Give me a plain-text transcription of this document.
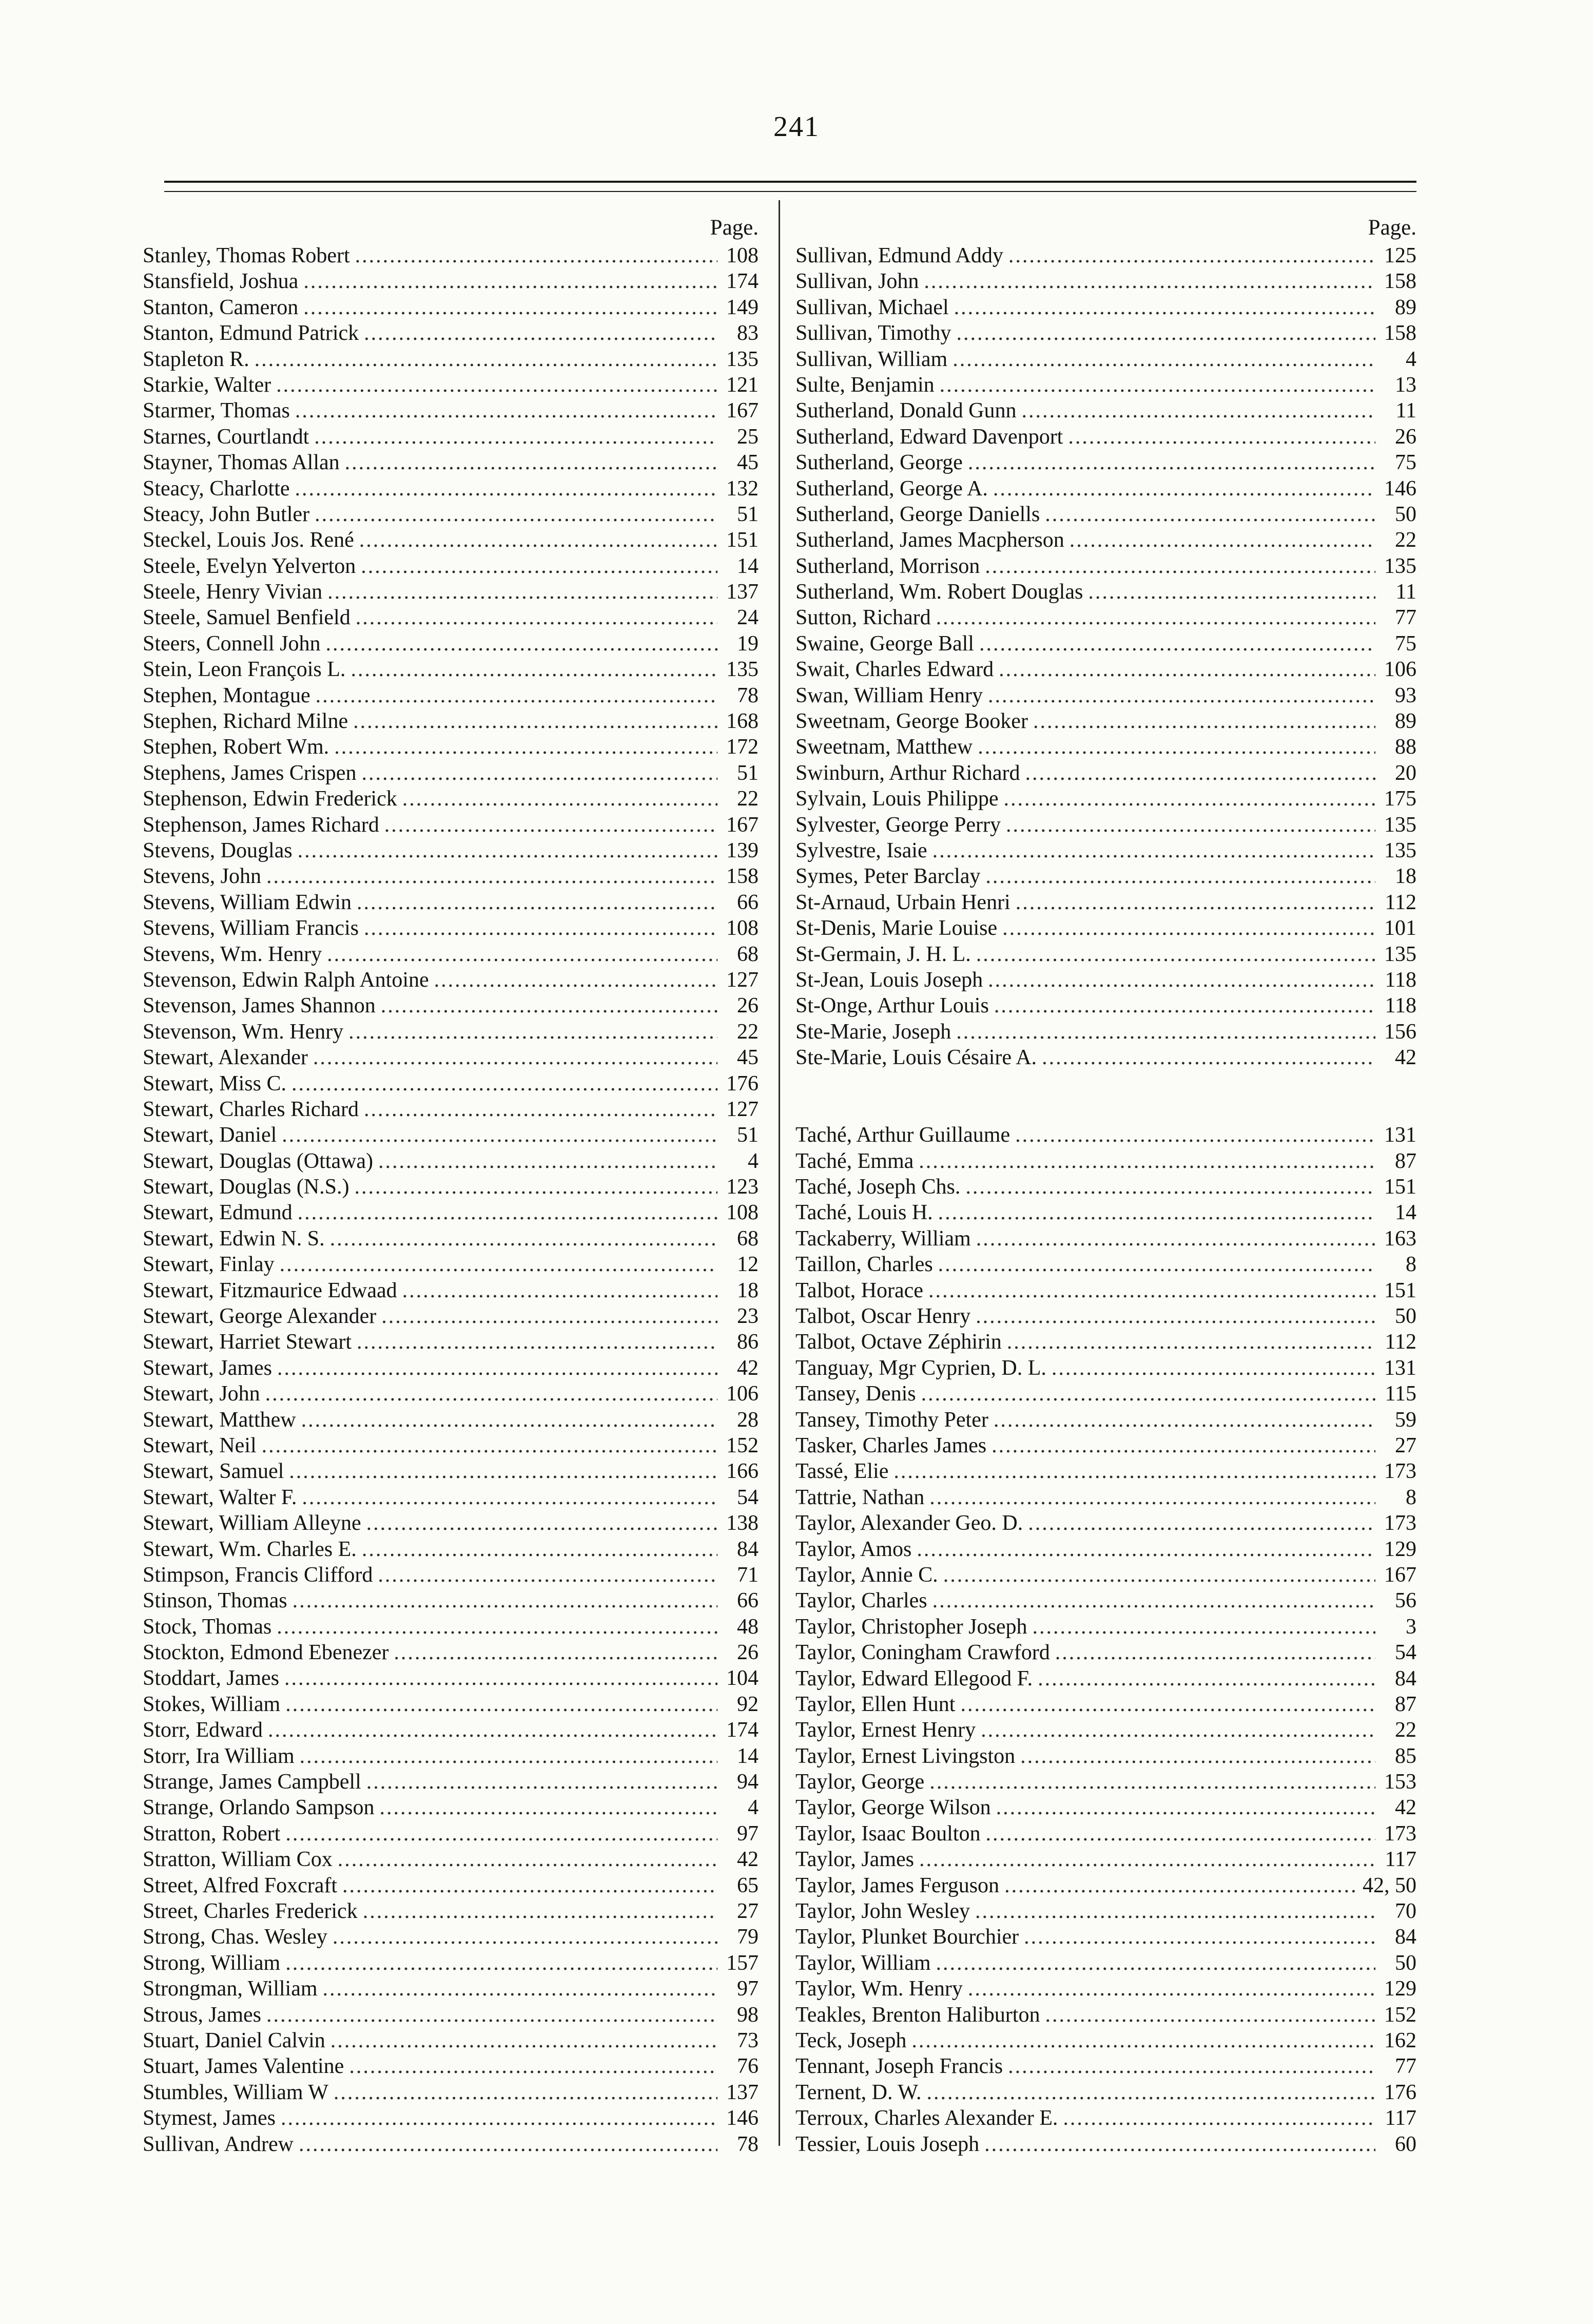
241
Page.
Stanley, Thomas Robert .....	108
Stansfield, Joshua .....	174
Stanton, Cameron .....	149
Stanton, Edmund Patrick .....	83
Stapleton R. .....	135
Starkie, Walter .....	121
Starmer, Thomas .....	167
Starnes, Courtlandt .....	25
Stayner, Thomas Allan .....	45
Steacy, Charlotte .....	132
Steacy, John Butler .....	51
Steckel, Louis Jos. René .....	151
Steele, Evelyn Yelverton .....	14
Steele, Henry Vivian .....	137
Steele, Samuel Benfield .....	24
Steers, Connell John .....	19
Stein, Leon François L. .....	135
Stephen, Montague .....	78
Stephen, Richard Milne .....	168
Stephen, Robert Wm. .....	172
Stephens, James Crispen .....	51
Stephenson, Edwin Frederick .....	22
Stephenson, James Richard .....	167
Stevens, Douglas .....	139
Stevens, John .....	158
Stevens, William Edwin .....	66
Stevens, William Francis .....	108
Stevens, Wm. Henry .....	68
Stevenson, Edwin Ralph Antoine .....	127
Stevenson, James Shannon .....	26
Stevenson, Wm. Henry .....	22
Stewart, Alexander .....	45
Stewart, Miss C. .....	176
Stewart, Charles Richard .....	127
Stewart, Daniel .....	51
Stewart, Douglas (Ottawa) .....	4
Stewart, Douglas (N.S.) .....	123
Stewart, Edmund .....	108
Stewart, Edwin N. S. .....	68
Stewart, Finlay .....	12
Stewart, Fitzmaurice Edwaad .....	18
Stewart, George Alexander .....	23
Stewart, Harriet Stewart .....	86
Stewart, James .....	42
Stewart, John .....	106
Stewart, Matthew .....	28
Stewart, Neil .....	152
Stewart, Samuel .....	166
Stewart, Walter F. .....	54
Stewart, William Alleyne .....	138
Stewart, Wm. Charles E. .....	84
Stimpson, Francis Clifford .....	71
Stinson, Thomas .....	66
Stock, Thomas .....	48
Stockton, Edmond Ebenezer .....	26
Stoddart, James .....	104
Stokes, William .....	92
Storr, Edward .....	174
Storr, Ira William .....	14
Strange, James Campbell .....	94
Strange, Orlando Sampson .....	4
Stratton, Robert .....	97
Stratton, William Cox .....	42
Street, Alfred Foxcraft .....	65
Street, Charles Frederick .....	27
Strong, Chas. Wesley .....	79
Strong, William .....	157
Strongman, William .....	97
Strous, James .....	98
Stuart, Daniel Calvin .....	73
Stuart, James Valentine .....	76
Stumbles, William W .....	137
Stymest, James .....	146
Sullivan, Andrew .....	78
Page.
Sullivan, Edmund Addy .....	125
Sullivan, John .....	158
Sullivan, Michael .....	89
Sullivan, Timothy .....	158
Sullivan, William .....	4
Sulte, Benjamin .....	13
Sutherland, Donald Gunn .....	11
Sutherland, Edward Davenport .....	26
Sutherland, George .....	75
Sutherland, George A. .....	146
Sutherland, George Daniells .....	50
Sutherland, James Macpherson .....	22
Sutherland, Morrison .....	135
Sutherland, Wm. Robert Douglas .....	11
Sutton, Richard .....	77
Swaine, George Ball .....	75
Swait, Charles Edward .....	106
Swan, William Henry .....	93
Sweetnam, George Booker .....	89
Sweetnam, Matthew .....	88
Swinburn, Arthur Richard .....	20
Sylvain, Louis Philippe .....	175
Sylvester, George Perry .....	135
Sylvestre, Isaie .....	135
Symes, Peter Barclay .....	18
St-Arnaud, Urbain Henri .....	112
St-Denis, Marie Louise .....	101
St-Germain, J. H. L. .....	135
St-Jean, Louis Joseph .....	118
St-Onge, Arthur Louis .....	118
Ste-Marie, Joseph .....	156
Ste-Marie, Louis Césaire A. .....	42
Taché, Arthur Guillaume .....	131
Taché, Emma .....	87
Taché, Joseph Chs. .....	151
Taché, Louis H. .....	14
Tackaberry, William .....	163
Taillon, Charles .....	8
Talbot, Horace .....	151
Talbot, Oscar Henry .....	50
Talbot, Octave Zéphirin .....	112
Tanguay, Mgr Cyprien, D. L. .....	131
Tansey, Denis .....	115
Tansey, Timothy Peter .....	59
Tasker, Charles James .....	27
Tassé, Elie .....	173
Tattrie, Nathan .....	8
Taylor, Alexander Geo. D. .....	173
Taylor, Amos .....	129
Taylor, Annie C. .....	167
Taylor, Charles .....	56
Taylor, Christopher Joseph .....	3
Taylor, Coningham Crawford .....	54
Taylor, Edward Ellegood F. .....	84
Taylor, Ellen Hunt .....	87
Taylor, Ernest Henry .....	22
Taylor, Ernest Livingston .....	85
Taylor, George .....	153
Taylor, George Wilson .....	42
Taylor, Isaac Boulton .....	173
Taylor, James .....	117
Taylor, James Ferguson .....	42, 50
Taylor, John Wesley .....	70
Taylor, Plunket Bourchier .....	84
Taylor, William .....	50
Taylor, Wm. Henry .....	129
Teakles, Brenton Haliburton .....	152
Teck, Joseph .....	162
Tennant, Joseph Francis .....	77
Ternent, D. W. .....	176
Terroux, Charles Alexander E. .....	117
Tessier, Louis Joseph .....	60
